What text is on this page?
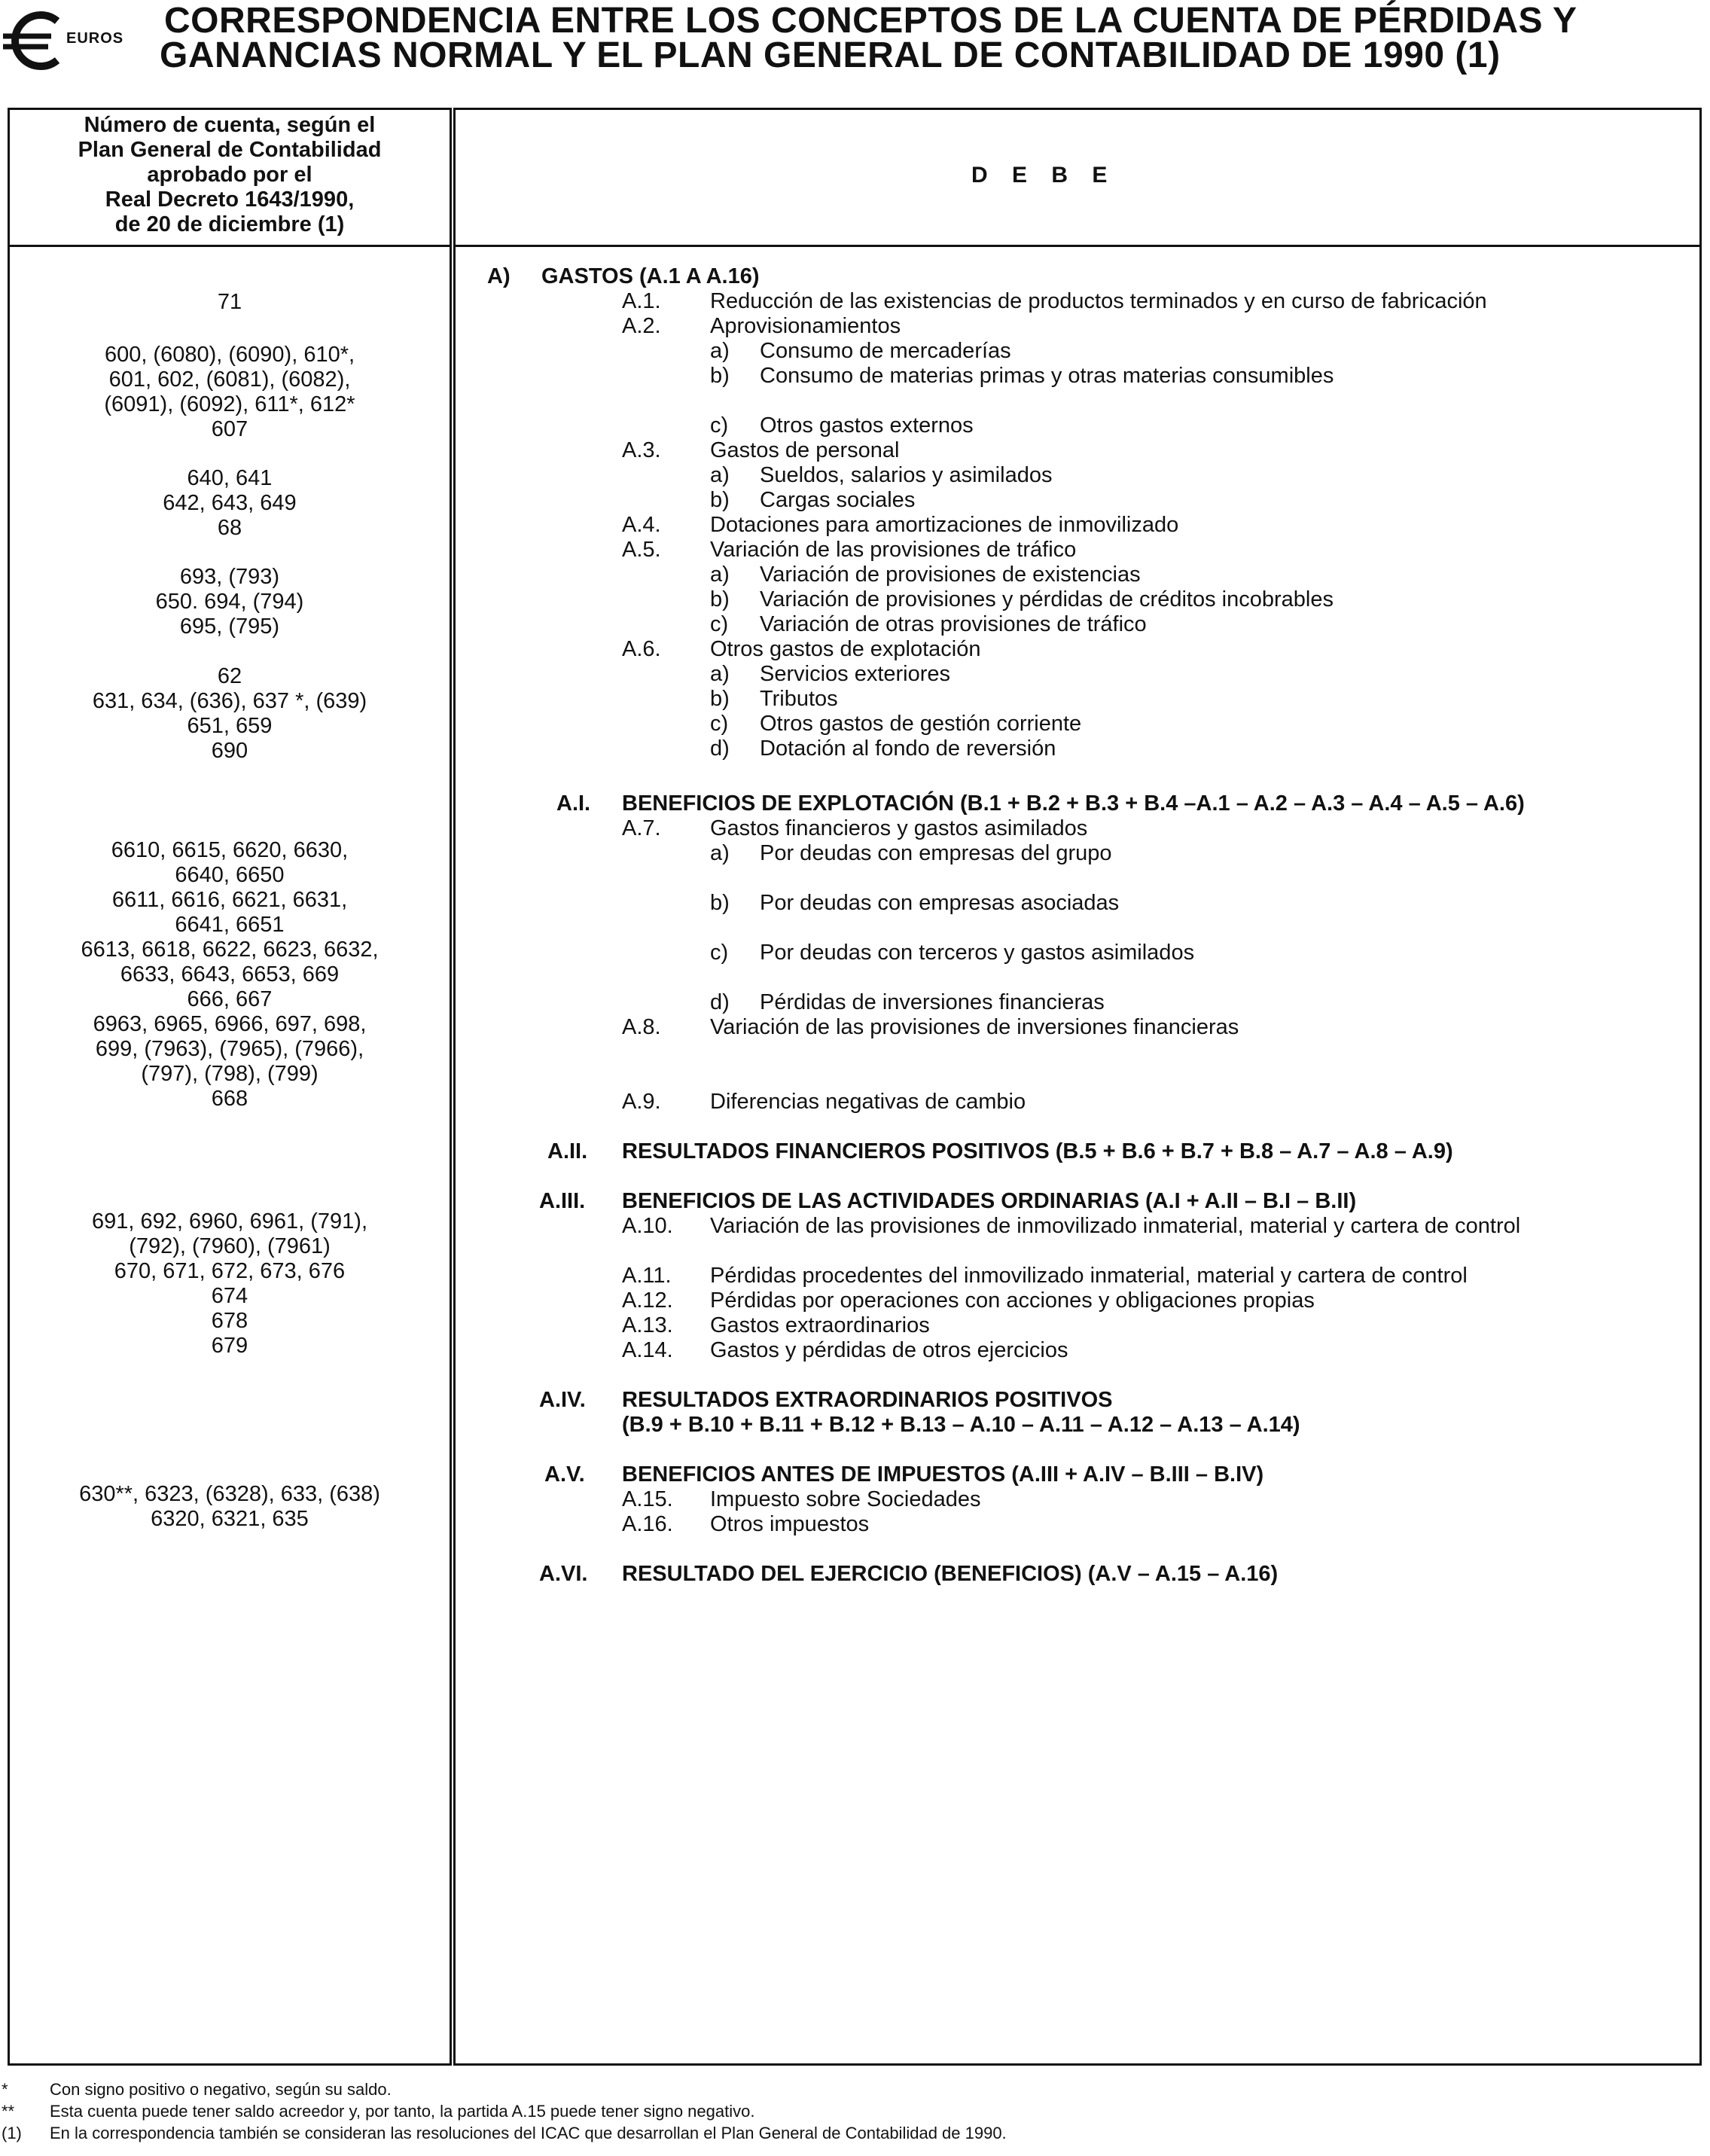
EUROS CORRESPONDENCIA ENTRE LOS CONCEPTOS DE LA CUENTA DE PÉRDIDAS Y
GANANCIAS NORMAL Y EL PLAN GENERAL DE CONTABILIDAD DE 1990 (1)
Número de cuenta, según el
Plan General de Contabilidad
aprobado por el
Real Decreto 1643/1990,
de 20 de diciembre (1)
D E B E
71
600, (6080), (6090), 610*,
601, 602, (6081), (6082),
(6091), (6092), 611*, 612*
607
640, 641
642, 643, 649
68
693, (793)
650. 694, (794)
695, (795)
62
631, 634, (636), 637 *, (639)
651, 659
690
6610, 6615, 6620, 6630,
6640, 6650
6611, 6616, 6621, 6631,
6641, 6651
6613, 6618, 6622, 6623, 6632,
6633, 6643, 6653, 669
666, 667
6963, 6965, 6966, 697, 698,
699, (7963), (7965), (7966),
(797), (798), (799)
668
691, 692, 6960, 6961, (791),
(792), (7960), (7961)
670, 671, 672, 673, 676
674
678
679
630**, 6323, (6328), 633, (638)
6320, 6321, 635
A) GASTOS (A.1 A A.16)
A.1. Reducción de las existencias de productos terminados y en curso de fabricación
A.2. Aprovisionamientos
a) Consumo de mercaderías
b) Consumo de materias primas y otras materias consumibles
c) Otros gastos externos
A.3. Gastos de personal
a) Sueldos, salarios y asimilados
b) Cargas sociales
A.4. Dotaciones para amortizaciones de inmovilizado
A.5. Variación de las provisiones de tráfico
a) Variación de provisiones de existencias
b) Variación de provisiones y pérdidas de créditos incobrables
c) Variación de otras provisiones de tráfico
A.6. Otros gastos de explotación
a) Servicios exteriores
b) Tributos
c) Otros gastos de gestión corriente
d) Dotación al fondo de reversión
A.I. BENEFICIOS DE EXPLOTACIÓN (B.1 + B.2 + B.3 + B.4 –A.1 – A.2 – A.3 – A.4 – A.5 – A.6)
A.7. Gastos financieros y gastos asimilados
a) Por deudas con empresas del grupo
b) Por deudas con empresas asociadas
c) Por deudas con terceros y gastos asimilados
d) Pérdidas de inversiones financieras
A.8. Variación de las provisiones de inversiones financieras
A.9. Diferencias negativas de cambio
A.II. RESULTADOS FINANCIEROS POSITIVOS (B.5 + B.6 + B.7 + B.8 – A.7 – A.8 – A.9)
A.III. BENEFICIOS DE LAS ACTIVIDADES ORDINARIAS (A.I + A.II – B.I – B.II)
A.10. Variación de las provisiones de inmovilizado inmaterial, material y cartera de control
A.11. Pérdidas procedentes del inmovilizado inmaterial, material y cartera de control
A.12. Pérdidas por operaciones con acciones y obligaciones propias
A.13. Gastos extraordinarios
A.14. Gastos y pérdidas de otros ejercicios
A.IV. RESULTADOS EXTRAORDINARIOS POSITIVOS
(B.9 + B.10 + B.11 + B.12 + B.13 – A.10 – A.11 – A.12 – A.13 – A.14)
A.V. BENEFICIOS ANTES DE IMPUESTOS (A.III + A.IV – B.III – B.IV)
A.15. Impuesto sobre Sociedades
A.16. Otros impuestos
A.VI. RESULTADO DEL EJERCICIO (BENEFICIOS) (A.V – A.15 – A.16)
*	Con signo positivo o negativo, según su saldo.
** Esta cuenta puede tener saldo acreedor y, por tanto, la partida A.15 puede tener signo negativo.
(1) En la correspondencia también se consideran las resoluciones del ICAC que desarrollan el Plan General de Contabilidad de 1990.
